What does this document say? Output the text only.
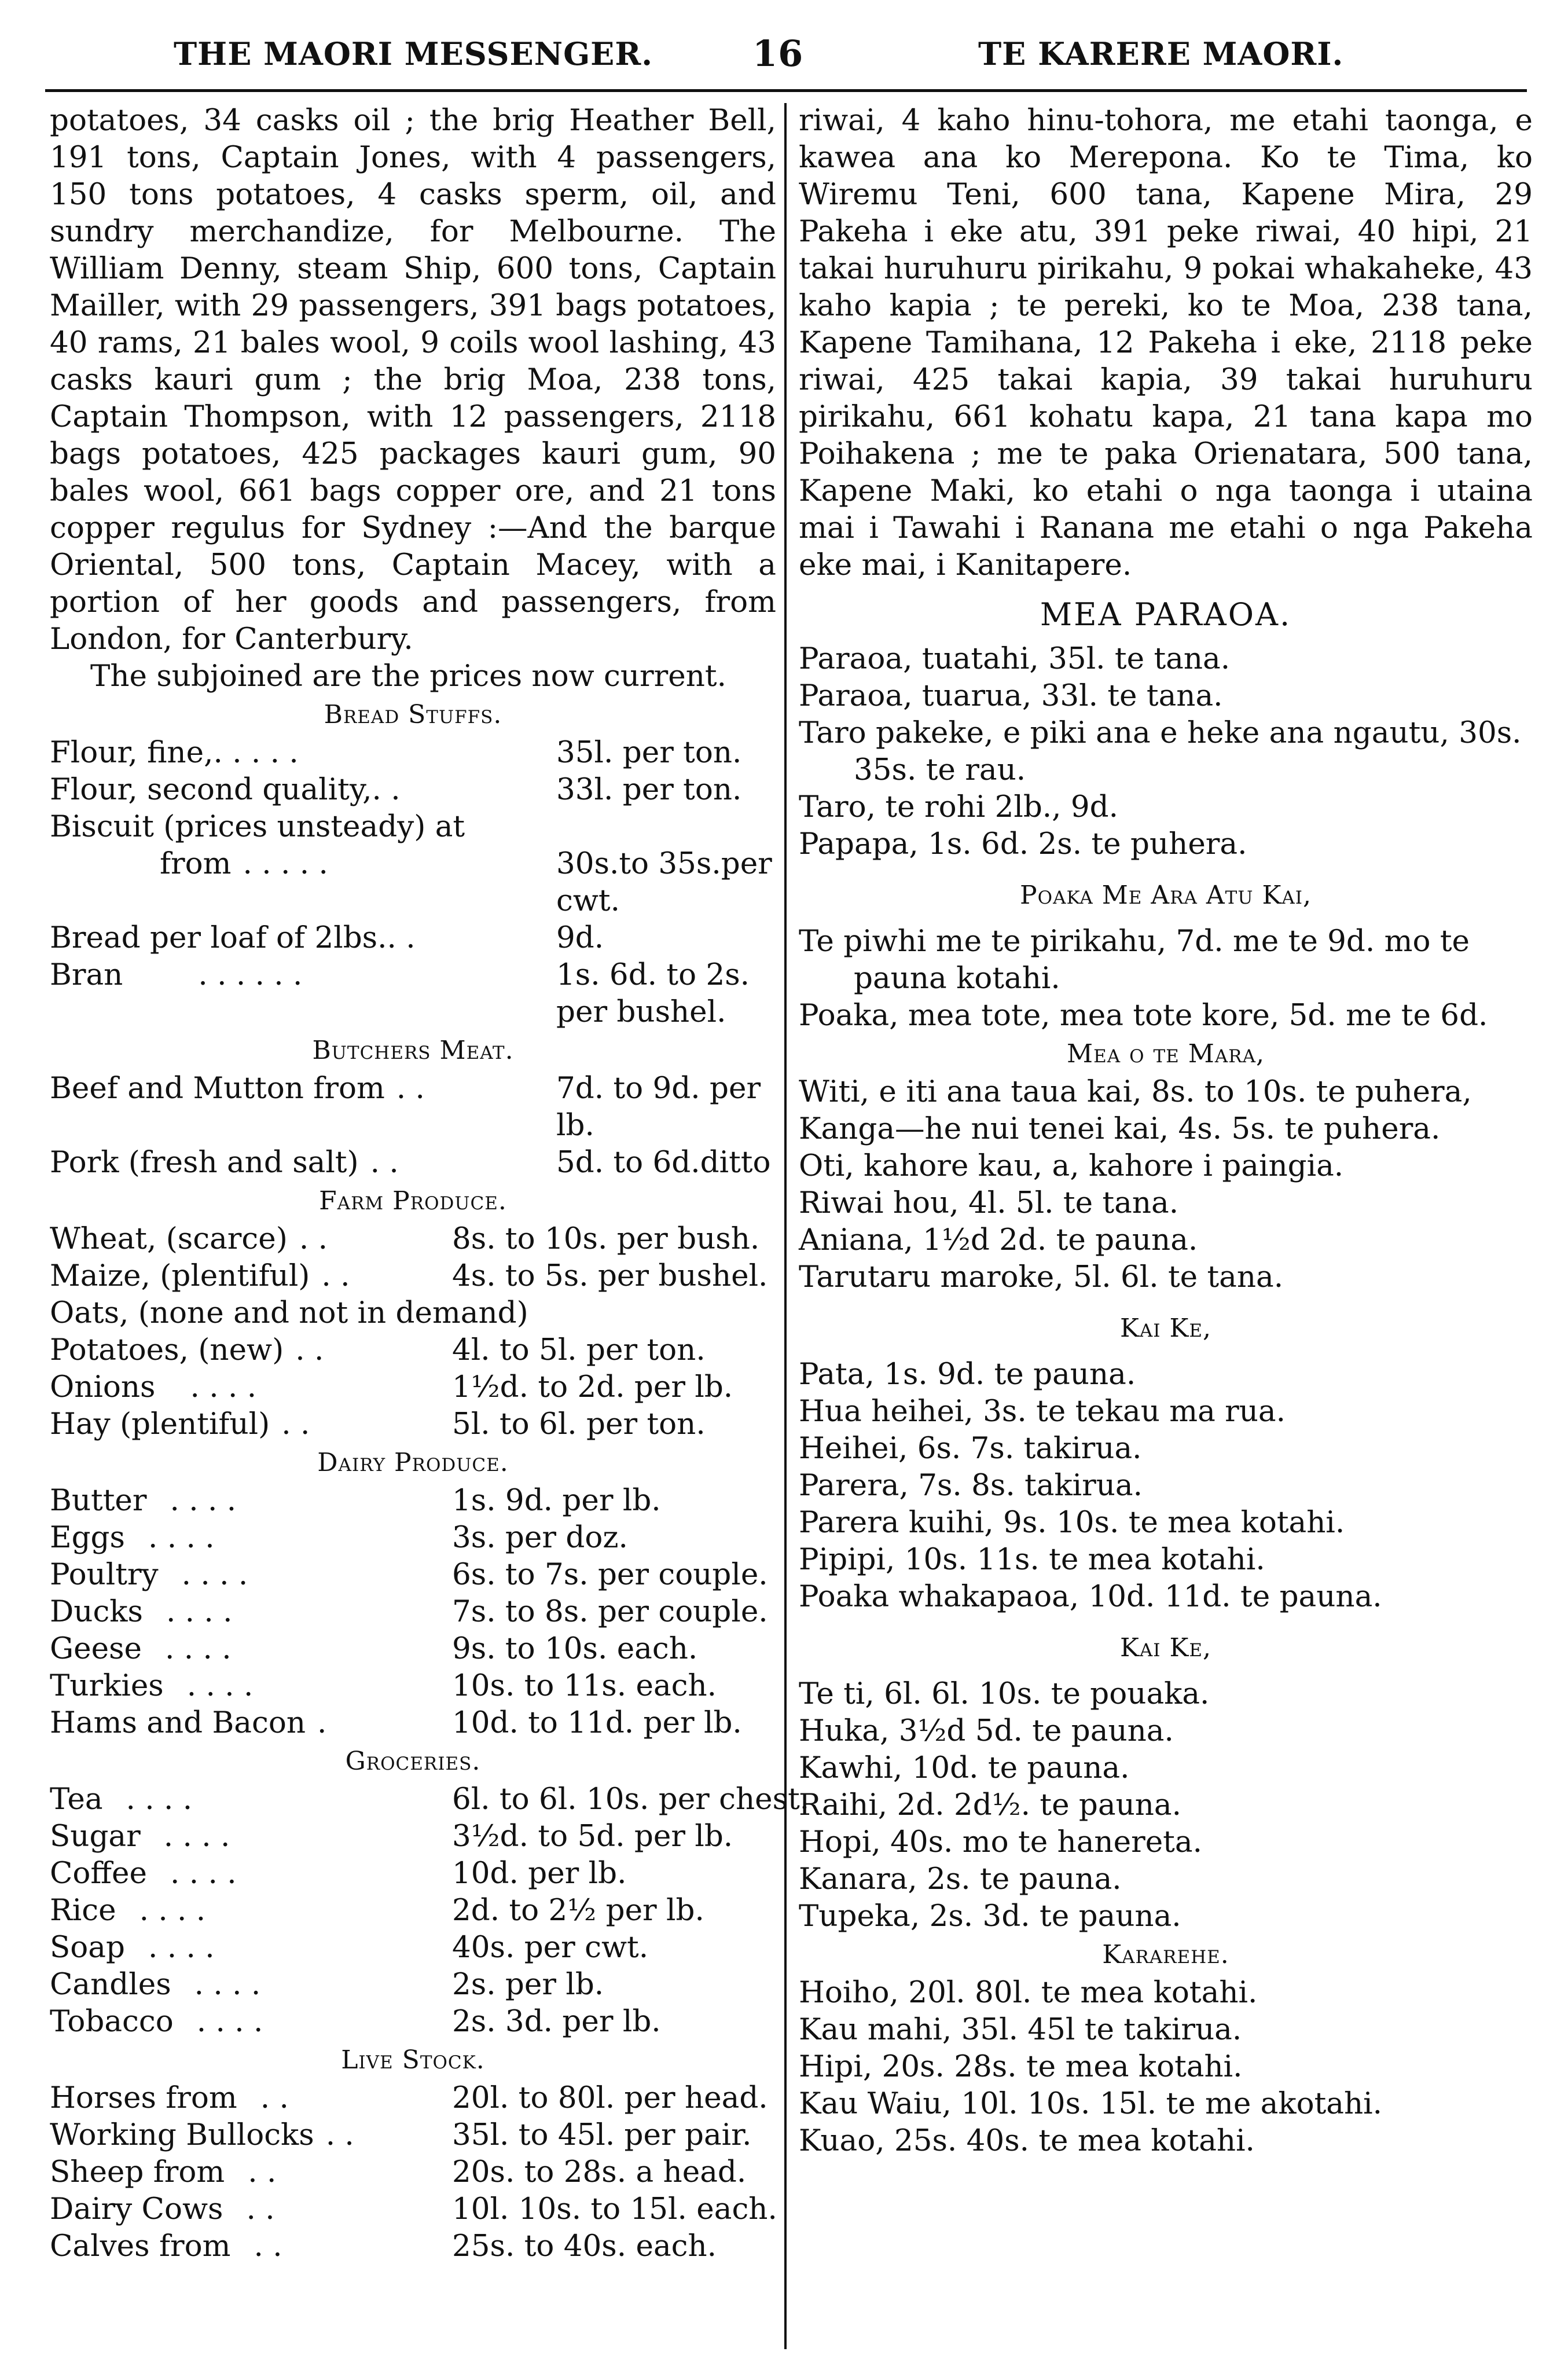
THE MAORI MESSENGER.	16	TE KARERE MAORI.

potatoes, 34 casks oil ; the brig Heather Bell, 191 tons, Captain Jones, with 4 passengers, 150 tons potatoes, 4 casks sperm, oil, and sundry merchandize, for Melbourne. The William Denny, steam Ship, 600 tons, Captain Mailler, with 29 passengers, 391 bags potatoes, 40 rams, 21 bales wool, 9 coils wool lashing, 43 casks kauri gum ; the brig Moa, 238 tons, Captain Thompson, with 12 passengers, 2118 bags potatoes, 425 packages kauri gum, 90 bales wool, 661 bags copper ore, and 21 tons copper regulus for Sydney :—And the barque Oriental, 500 tons, Captain Macey, with a portion of her goods and passengers, from London, for Canterbury.

The subjoined are the prices now current.

Bread Stuffs.
Flour, fine, . . . . .	35l. per ton.
Flour, second quality, . .	33l. per ton.
Biscuit (prices unsteady) at
from . . . . .	30s.to 35s.per cwt.
Bread per loaf of 2lbs. . .	9d.
Bran	. . . . . .	1s. 6d. to 2s. per bushel.
Butchers Meat.
Beef and Mutton from . .	7d. to 9d. per lb.
Pork (fresh and salt) . .	5d. to 6d.ditto
Farm Produce.
Wheat, (scarce) . .	8s. to 10s. per bush.
Maize, (plentiful) . .	4s. to 5s. per bushel.
Oats, (none and not in demand)
Potatoes, (new) . .	4l. to 5l. per ton.
Onions	. . . .	1½d. to 2d. per lb.
Hay (plentiful) . .	5l. to 6l. per ton.
Dairy Produce.
Butter . . . .	1s. 9d. per lb.
Eggs . . . .	3s. per doz.
Poultry . . . .	6s. to 7s. per couple.
Ducks . . . .	7s. to 8s. per couple.
Geese . . . .	9s. to 10s. each.
Turkies . . . .	10s. to 11s. each.
Hams and Bacon .	10d. to 11d. per lb.
Groceries.
Tea . . . .	6l. to 6l. 10s. per chest.
Sugar . . . .	3½d. to 5d. per lb.
Coffee . . . .	10d. per lb.
Rice . . . .	2d. to 2½ per lb.
Soap . . . .	40s. per cwt.
Candles . . . .	2s. per lb.
Tobacco . . . .	2s. 3d. per lb.
Live Stock.
Horses from . .	20l. to 80l. per head.
Working Bullocks . .	35l. to 45l. per pair.
Sheep from . .	20s. to 28s. a head.
Dairy Cows . .	10l. 10s. to 15l. each.
Calves from . .	25s. to 40s. each.

riwai, 4 kaho hinu-tohora, me etahi taonga, e kawea ana ko Merepona. Ko te Tima, ko Wiremu Teni, 600 tana, Kapene Mira, 29 Pakeha i eke atu, 391 peke riwai, 40 hipi, 21 takai huruhuru pirikahu, 9 pokai whakaheke, 43 kaho kapia ; te pereki, ko te Moa, 238 tana, Kapene Tamihana, 12 Pakeha i eke, 2118 peke riwai, 425 takai kapia, 39 takai huruhuru pirikahu, 661 kohatu kapa, 21 tana kapa mo Poihakena ; me te paka Orienatara, 500 tana, Kapene Maki, ko etahi o nga taonga i utaina mai i Tawahi i Ranana me etahi o nga Pakeha eke mai, i Kanitapere.

MEA PARAOA.

Paraoa, tuatahi, 35l. te tana.

Paraoa, tuarua, 33l. te tana.

Taro pakeke, e piki ana e heke ana ngautu, 30s. 35s. te rau.

Taro, te rohi 2lb., 9d.

Papapa, 1s. 6d. 2s. te puhera.

Poaka Me Ara Atu Kai,

Te piwhi me te pirikahu, 7d. me te 9d. mo te pauna kotahi.

Poaka, mea tote, mea tote kore, 5d. me te 6d.

Mea o te Mara,

Witi, e iti ana taua kai, 8s. to 10s. te puhera,

Kanga—he nui tenei kai, 4s. 5s. te puhera.

Oti, kahore kau, a, kahore i paingia.

Riwai hou, 4l. 5l. te tana.

Aniana, 1½d 2d. te pauna.

Tarutaru maroke, 5l. 6l. te tana.

Kai Ke,

Pata, 1s. 9d. te pauna.

Hua heihei, 3s. te tekau ma rua.

Heihei, 6s. 7s. takirua.

Parera, 7s. 8s. takirua.

Parera kuihi, 9s. 10s. te mea kotahi.

Pipipi, 10s. 11s. te mea kotahi.

Poaka whakapaoa, 10d. 11d. te pauna.

Kai Ke,

Te ti, 6l. 6l. 10s. te pouaka.

Huka, 3½d 5d. te pauna.

Kawhi, 10d. te pauna.

Raihi, 2d. 2d½. te pauna.

Hopi, 40s. mo te hanereta.

Kanara, 2s. te pauna.

Tupeka, 2s. 3d. te pauna.

Kararehe.

Hoiho, 20l. 80l. te mea kotahi.

Kau mahi, 35l. 45l te takirua.

Hipi, 20s. 28s. te mea kotahi.

Kau Waiu, 10l. 10s. 15l. te me akotahi.

Kuao, 25s. 40s. te mea kotahi.
